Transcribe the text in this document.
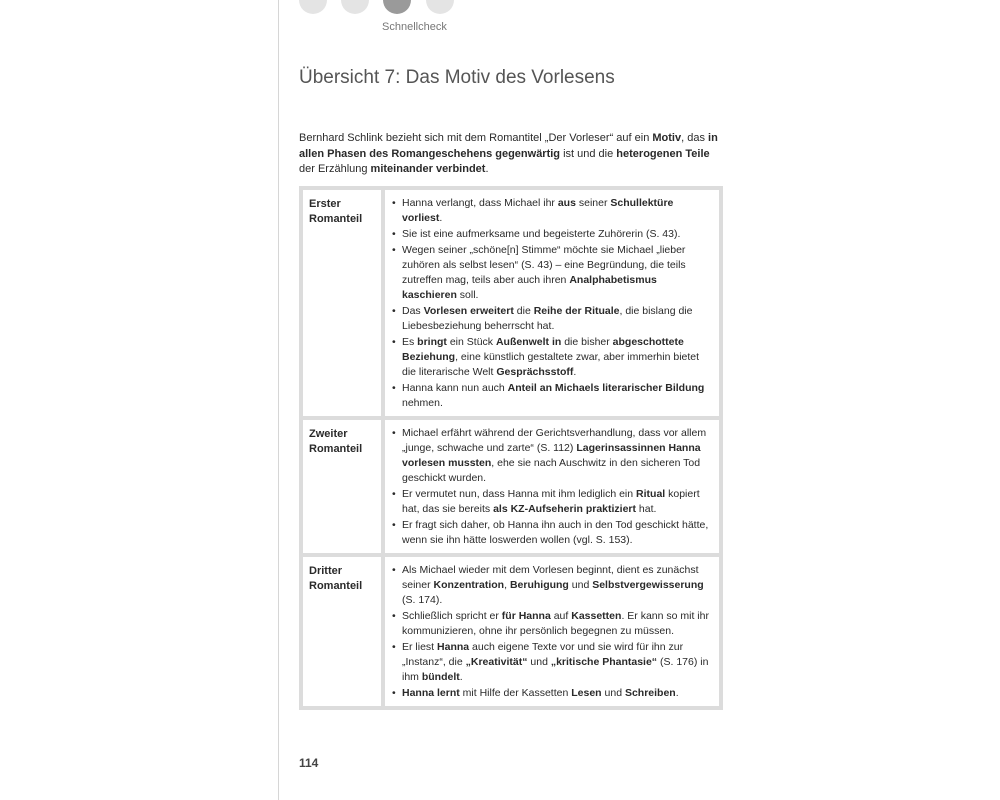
Schnellcheck
Übersicht 7: Das Motiv des Vorlesens

Bernhard Schlink bezieht sich mit dem Romantitel „Der Vorleser“ auf ein Motiv, das in allen Phasen des Romangeschehens gegenwärtig ist und die heterogenen Teile der Erzählung miteinander verbindet.

Erster Romanteil
• Hanna verlangt, dass Michael ihr aus seiner Schullektüre vorliest.
• Sie ist eine aufmerksame und begeisterte Zuhörerin (S. 43).
• Wegen seiner „schöne[n] Stimme“ möchte sie Michael „lieber zuhören als selbst lesen“ (S. 43) – eine Begründung, die teils zutreffen mag, teils aber auch ihren Analphabetismus kaschieren soll.
• Das Vorlesen erweitert die Reihe der Rituale, die bislang die Liebesbeziehung beherrscht hat.
• Es bringt ein Stück Außenwelt in die bisher abgeschottete Beziehung, eine künstlich gestaltete zwar, aber immerhin bietet die literarische Welt Gesprächsstoff.
• Hanna kann nun auch Anteil an Michaels literarischer Bildung nehmen.
Zweiter Romanteil
• Michael erfährt während der Gerichtsverhandlung, dass vor allem „junge, schwache und zarte“ (S. 112) Lagerinsassinnen Hanna vorlesen mussten, ehe sie nach Auschwitz in den sicheren Tod geschickt wurden.
• Er vermutet nun, dass Hanna mit ihm lediglich ein Ritual kopiert hat, das sie bereits als KZ-Aufseherin praktiziert hat.
• Er fragt sich daher, ob Hanna ihn auch in den Tod geschickt hätte, wenn sie ihn hätte loswerden wollen (vgl. S. 153).
Dritter Romanteil
• Als Michael wieder mit dem Vorlesen beginnt, dient es zunächst seiner Konzentration, Beruhigung und Selbstvergewisserung (S. 174).
• Schließlich spricht er für Hanna auf Kassetten. Er kann so mit ihr kommunizieren, ohne ihr persönlich begegnen zu müssen.
• Er liest Hanna auch eigene Texte vor und sie wird für ihn zur „Instanz“, die „Kreativität“ und „kritische Phantasie“ (S. 176) in ihm bündelt.
• Hanna lernt mit Hilfe der Kassetten Lesen und Schreiben.
114
